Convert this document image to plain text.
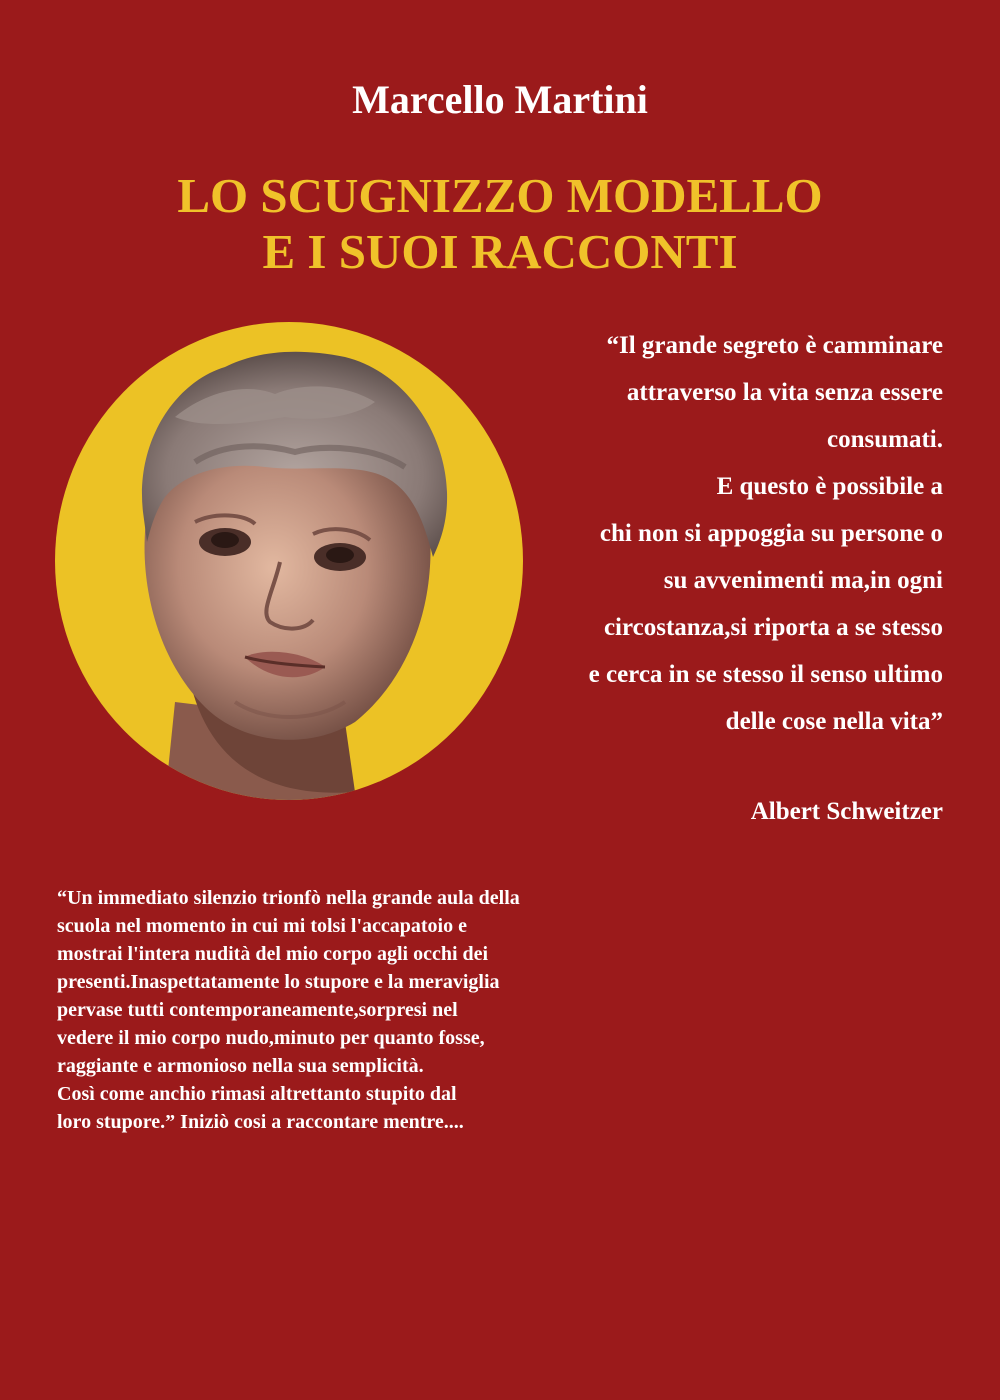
Marcello Martini
LO SCUGNIZZO MODELLO
E I SUOI RACCONTI
“Il grande segreto è camminare
attraverso la vita senza essere
consumati.
E questo è possibile a
chi non si appoggia su persone o
su avvenimenti ma,in ogni
circostanza,si riporta a se stesso
e cerca in se stesso il senso ultimo
delle cose nella vita”
Albert Schweitzer
“Un immediato silenzio trionfò nella grande aula della
scuola nel momento in cui mi tolsi l'accapatoio e
mostrai l'intera nudità del mio corpo agli occhi dei
presenti.Inaspettatamente lo stupore e la meraviglia
pervase tutti contemporaneamente,sorpresi nel
vedere il mio corpo nudo,minuto per quanto fosse,
raggiante e armonioso nella sua semplicità.
Così come anchio rimasi altrettanto stupito dal
loro stupore.” Iniziò cosi a raccontare mentre....
